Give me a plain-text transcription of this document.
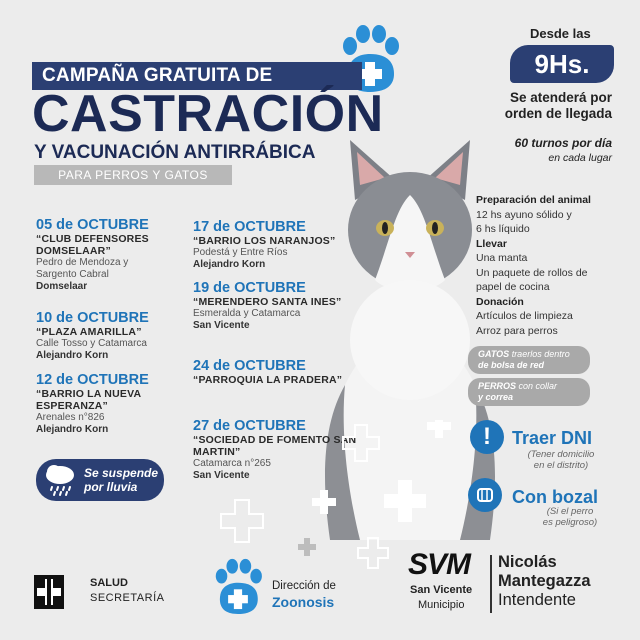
CAMPAÑA GRATUITA DE
CASTRACIÓN
Y VACUNACIÓN ANTIRRÁBICA
PARA PERROS Y GATOS
Desde las
9Hs.
Se atenderá por
orden de llegada
60 turnos por día
en cada lugar
05 de OCTUBRE
“CLUB DEFENSORES DOMSELAAR”
Pedro de Mendoza y
Sargento Cabral
Domselaar
10 de OCTUBRE
“PLAZA AMARILLA”
Calle Tosso y Catamarca
Alejandro Korn
12 de OCTUBRE
“BARRIO LA NUEVA ESPERANZA”
Arenales n°826
Alejandro Korn
17 de OCTUBRE
“BARRIO LOS NARANJOS”
Podestá y Entre Ríos
Alejandro Korn
19 de OCTUBRE
“MERENDERO SANTA INES”
Esmeralda y Catamarca
San Vicente
24 de OCTUBRE
“PARROQUIA LA PRADERA”
27 de OCTUBRE
“SOCIEDAD DE FOMENTO SAN MARTIN”
Catamarca n°265
San Vicente
Preparación del animal
12 hs ayuno sólido y
6 hs líquido
Llevar
Una manta
Un paquete de rollos de
papel de cocina
Donación
Artículos de limpieza
Arroz para perros
GATOS traerlos dentro
de bolsa de red
PERROS con collar
y correa
!	Traer DNI
(Tener domicilio
en el distrito)
Con bozal
(Si el perro
es peligroso)
Se suspende
por lluvia
SALUD
SECRETARÍA
Dirección de
Zoonosis
SVM
San Vicente
Municipio
Nicolás
Mantegazza
Intendente
